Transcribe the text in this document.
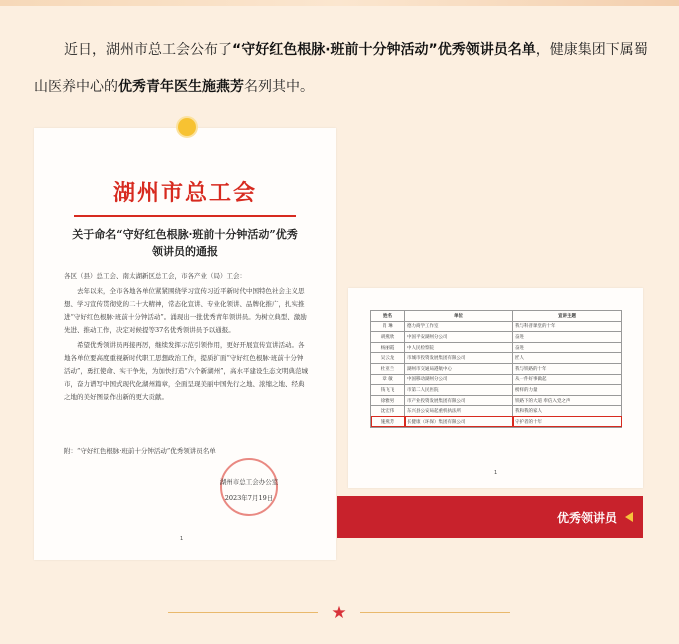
近日，湖州市总工会公布了“守好红色根脉·班前十分钟活动”优秀领讲员名单，健康集团下属蜀山医养中心的优秀青年医生施燕芳名列其中。
湖州市总工会
关于命名“守好红色根脉·班前十分钟活动”优秀
领讲员的通报

各区（县）总工会、南太湖新区总工会，市各产业（局）工会：

去年以来，全市各地各单位紧紧围绕学习宣传习近平新时代中国特色社会主义思想、学习宣传贯彻党的二十大精神，常态化宣讲、专业化领讲、品牌化推广，扎实推进“守好红色根脉·班前十分钟活动”。涌现出一批优秀青年领讲员。为树立典型、激励先进、推动工作，决定对候提等37名优秀领讲员予以通报。

希望优秀领讲员再接再厉，继续发挥示范引领作用，更好开展宣传宣讲活动。各地各单位要高度重视新时代职工思想政治工作，提质扩面“守好红色根脉·班前十分钟活动”，勇扛使命、实干争先，为加快打造“六个新湖州”，高水平建设生态文明典范城市，奋力谱写中国式现代化湖州篇章，全面呈现美丽中国先行之地、浓缩之地、经典之地的美好图景作出新的更大贡献。

附：“守好红色根脉·班前十分钟活动”优秀领讲员名单
湖州市总工会办公室
2023年7月19日
1
姓名	单位	宣讲主题
肖 琳	德力商学工作室	我与科普课堂的十年
胡燕欣	中国平安湖州分公司	奋进
杨丽霞	中人民检察院	奋进
吴云龙	市城市投资发展集团有限公司	匠人
杜亚兰	湖州市交通局港航中心	我与铁路的十年
章 敏	中国移动湖州分公司	从一件好事做起
钱飞飞	市第二人民医院	榜样的力量
徐雅男	市产业投资发展集团有限公司	铁路下的大道 奉信入党之声
沈宏伟	东兴县公安局起重机执法所	我和我的家人
施燕芳	长健康（环保）集团有限公司	守护者的十年
1
优秀领讲员
★
